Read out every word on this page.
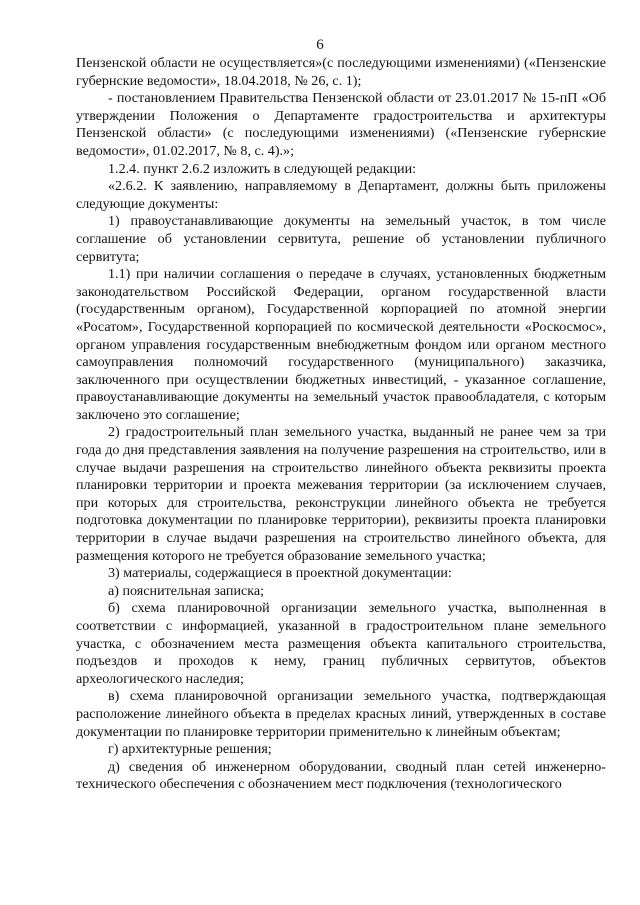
6

Пензенской области не осуществляется»(с последующими изменениями) («Пензенские губернские ведомости», 18.04.2018, № 26, с. 1);

- постановлением Правительства Пензенской области от 23.01.2017 № 15-пП «Об утверждении Положения о Департаменте градостроительства и архитектуры Пензенской области» (с последующими изменениями) («Пензенские губернские ведомости», 01.02.2017, № 8, с. 4).»;

1.2.4. пункт 2.6.2 изложить в следующей редакции:

«2.6.2. К заявлению, направляемому в Департамент, должны быть приложены следующие документы:

1) правоустанавливающие документы на земельный участок, в том числе соглашение об установлении сервитута, решение об установлении публичного сервитута;

1.1) при наличии соглашения о передаче в случаях, установленных бюджетным законодательством Российской Федерации, органом государственной власти (государственным органом), Государственной корпорацией по атомной энергии «Росатом», Государственной корпорацией по космической деятельности «Роскосмос», органом управления государственным внебюджетным фондом или органом местного самоуправления полномочий государственного (муниципального) заказчика, заключенного при осуществлении бюджетных инвестиций, - указанное соглашение, правоустанавливающие документы на земельный участок правообладателя, с которым заключено это соглашение;

2) градостроительный план земельного участка, выданный не ранее чем за три года до дня представления заявления на получение разрешения на строительство, или в случае выдачи разрешения на строительство линейного объекта реквизиты проекта планировки территории и проекта межевания территории (за исключением случаев, при которых для строительства, реконструкции линейного объекта не требуется подготовка документации по планировке территории), реквизиты проекта планировки территории в случае выдачи разрешения на строительство линейного объекта, для размещения которого не требуется образование земельного участка;

3) материалы, содержащиеся в проектной документации:

а) пояснительная записка;

б) схема планировочной организации земельного участка, выполненная в соответствии с информацией, указанной в градостроительном плане земельного участка, с обозначением места размещения объекта капитального строительства, подъездов и проходов к нему, границ публичных сервитутов, объектов археологического наследия;

в) схема планировочной организации земельного участка, подтверждающая расположение линейного объекта в пределах красных линий, утвержденных в составе документации по планировке территории применительно к линейным объектам;

г) архитектурные решения;

д) сведения об инженерном оборудовании, сводный план сетей инженерно-технического обеспечения с обозначением мест подключения (технологического
